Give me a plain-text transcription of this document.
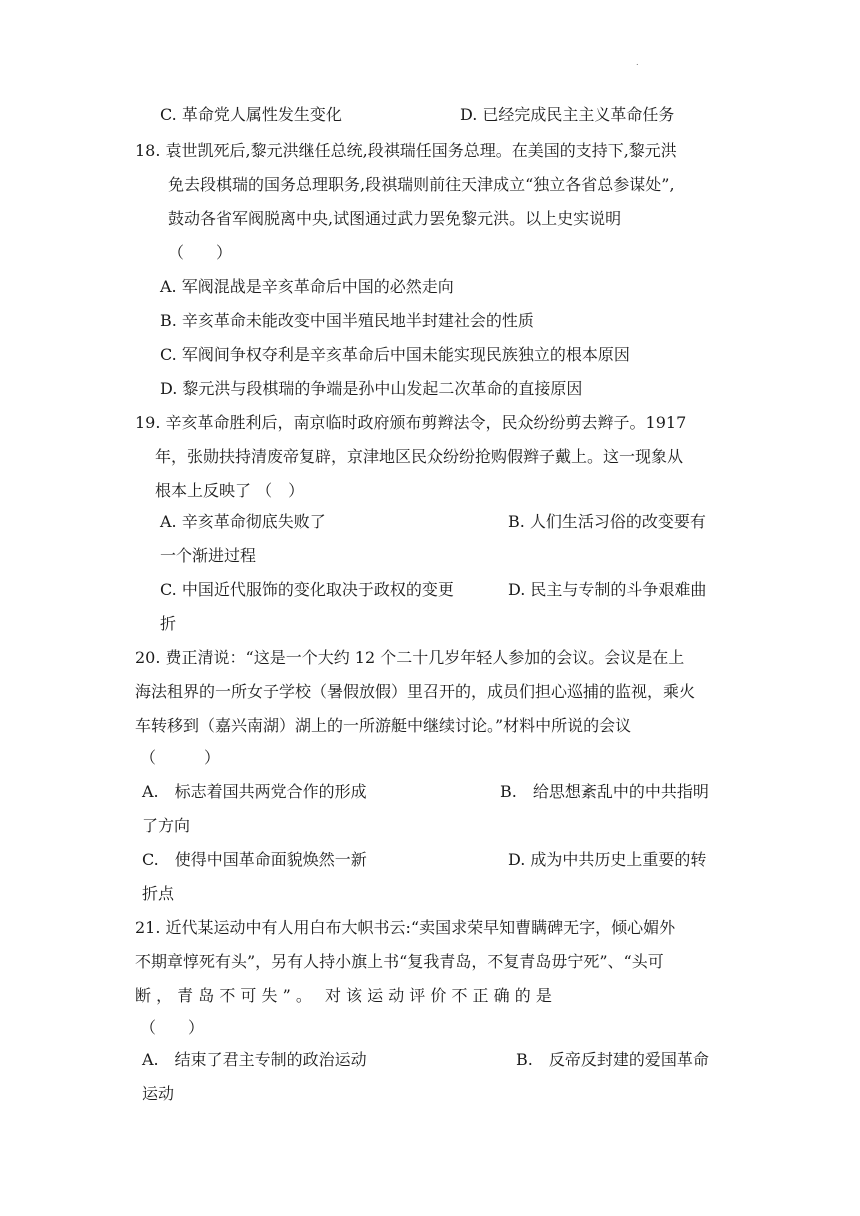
.
C. 革命党人属性发生变化	D. 已经完成民主主义革命任务
18. 袁世凯死后,黎元洪继任总统,段祺瑞任国务总理。在美国的支持下,黎元洪
免去段棋瑞的国务总理职务,段祺瑞则前往天津成立“独立各省总参谋处”,
鼓动各省军阀脱离中央,试图通过武力罢免黎元洪。以上史实说明
（　　）
A. 军阀混战是辛亥革命后中国的必然走向
B. 辛亥革命未能改变中国半殖民地半封建社会的性质
C. 军阀间争权夺利是辛亥革命后中国未能实现民族独立的根本原因
D. 黎元洪与段棋瑞的争端是孙中山发起二次革命的直接原因
19. 辛亥革命胜利后，南京临时政府颁布剪辫法令，民众纷纷剪去辫子。1917
年，张勋扶持清废帝复辟，京津地区民众纷纷抢购假辫子戴上。这一现象从
根本上反映了 （　）
A. 辛亥革命彻底失败了	B. 人们生活习俗的改变要有
一个渐进过程
C. 中国近代服饰的变化取决于政权的变更	D. 民主与专制的斗争艰难曲
折
20. 费正清说：“这是一个大约 12 个二十几岁年轻人参加的会议。会议是在上
海法租界的一所女子学校（暑假放假）里召开的，成员们担心巡捕的监视，乘火
车转移到（嘉兴南湖）湖上的一所游艇中继续讨论。”材料中所说的会议
（　　　）
A.　标志着国共两党合作的形成	B.　给思想紊乱中的中共指明
了方向
C.　使得中国革命面貌焕然一新	D. 成为中共历史上重要的转
折点
21. 近代某运动中有人用白布大帜书云:“卖国求荣早知曹瞒碑无字，倾心媚外
不期章惇死有头”，另有人持小旗上书“复我青岛，不复青岛毋宁死”、“头可
断 ， 青 岛 不 可 失 ” 。　 对 该 运 动 评 价 不 正 确 的 是
（　　）
A.　结束了君主专制的政治运动	B.　反帝反封建的爱国革命
运动
